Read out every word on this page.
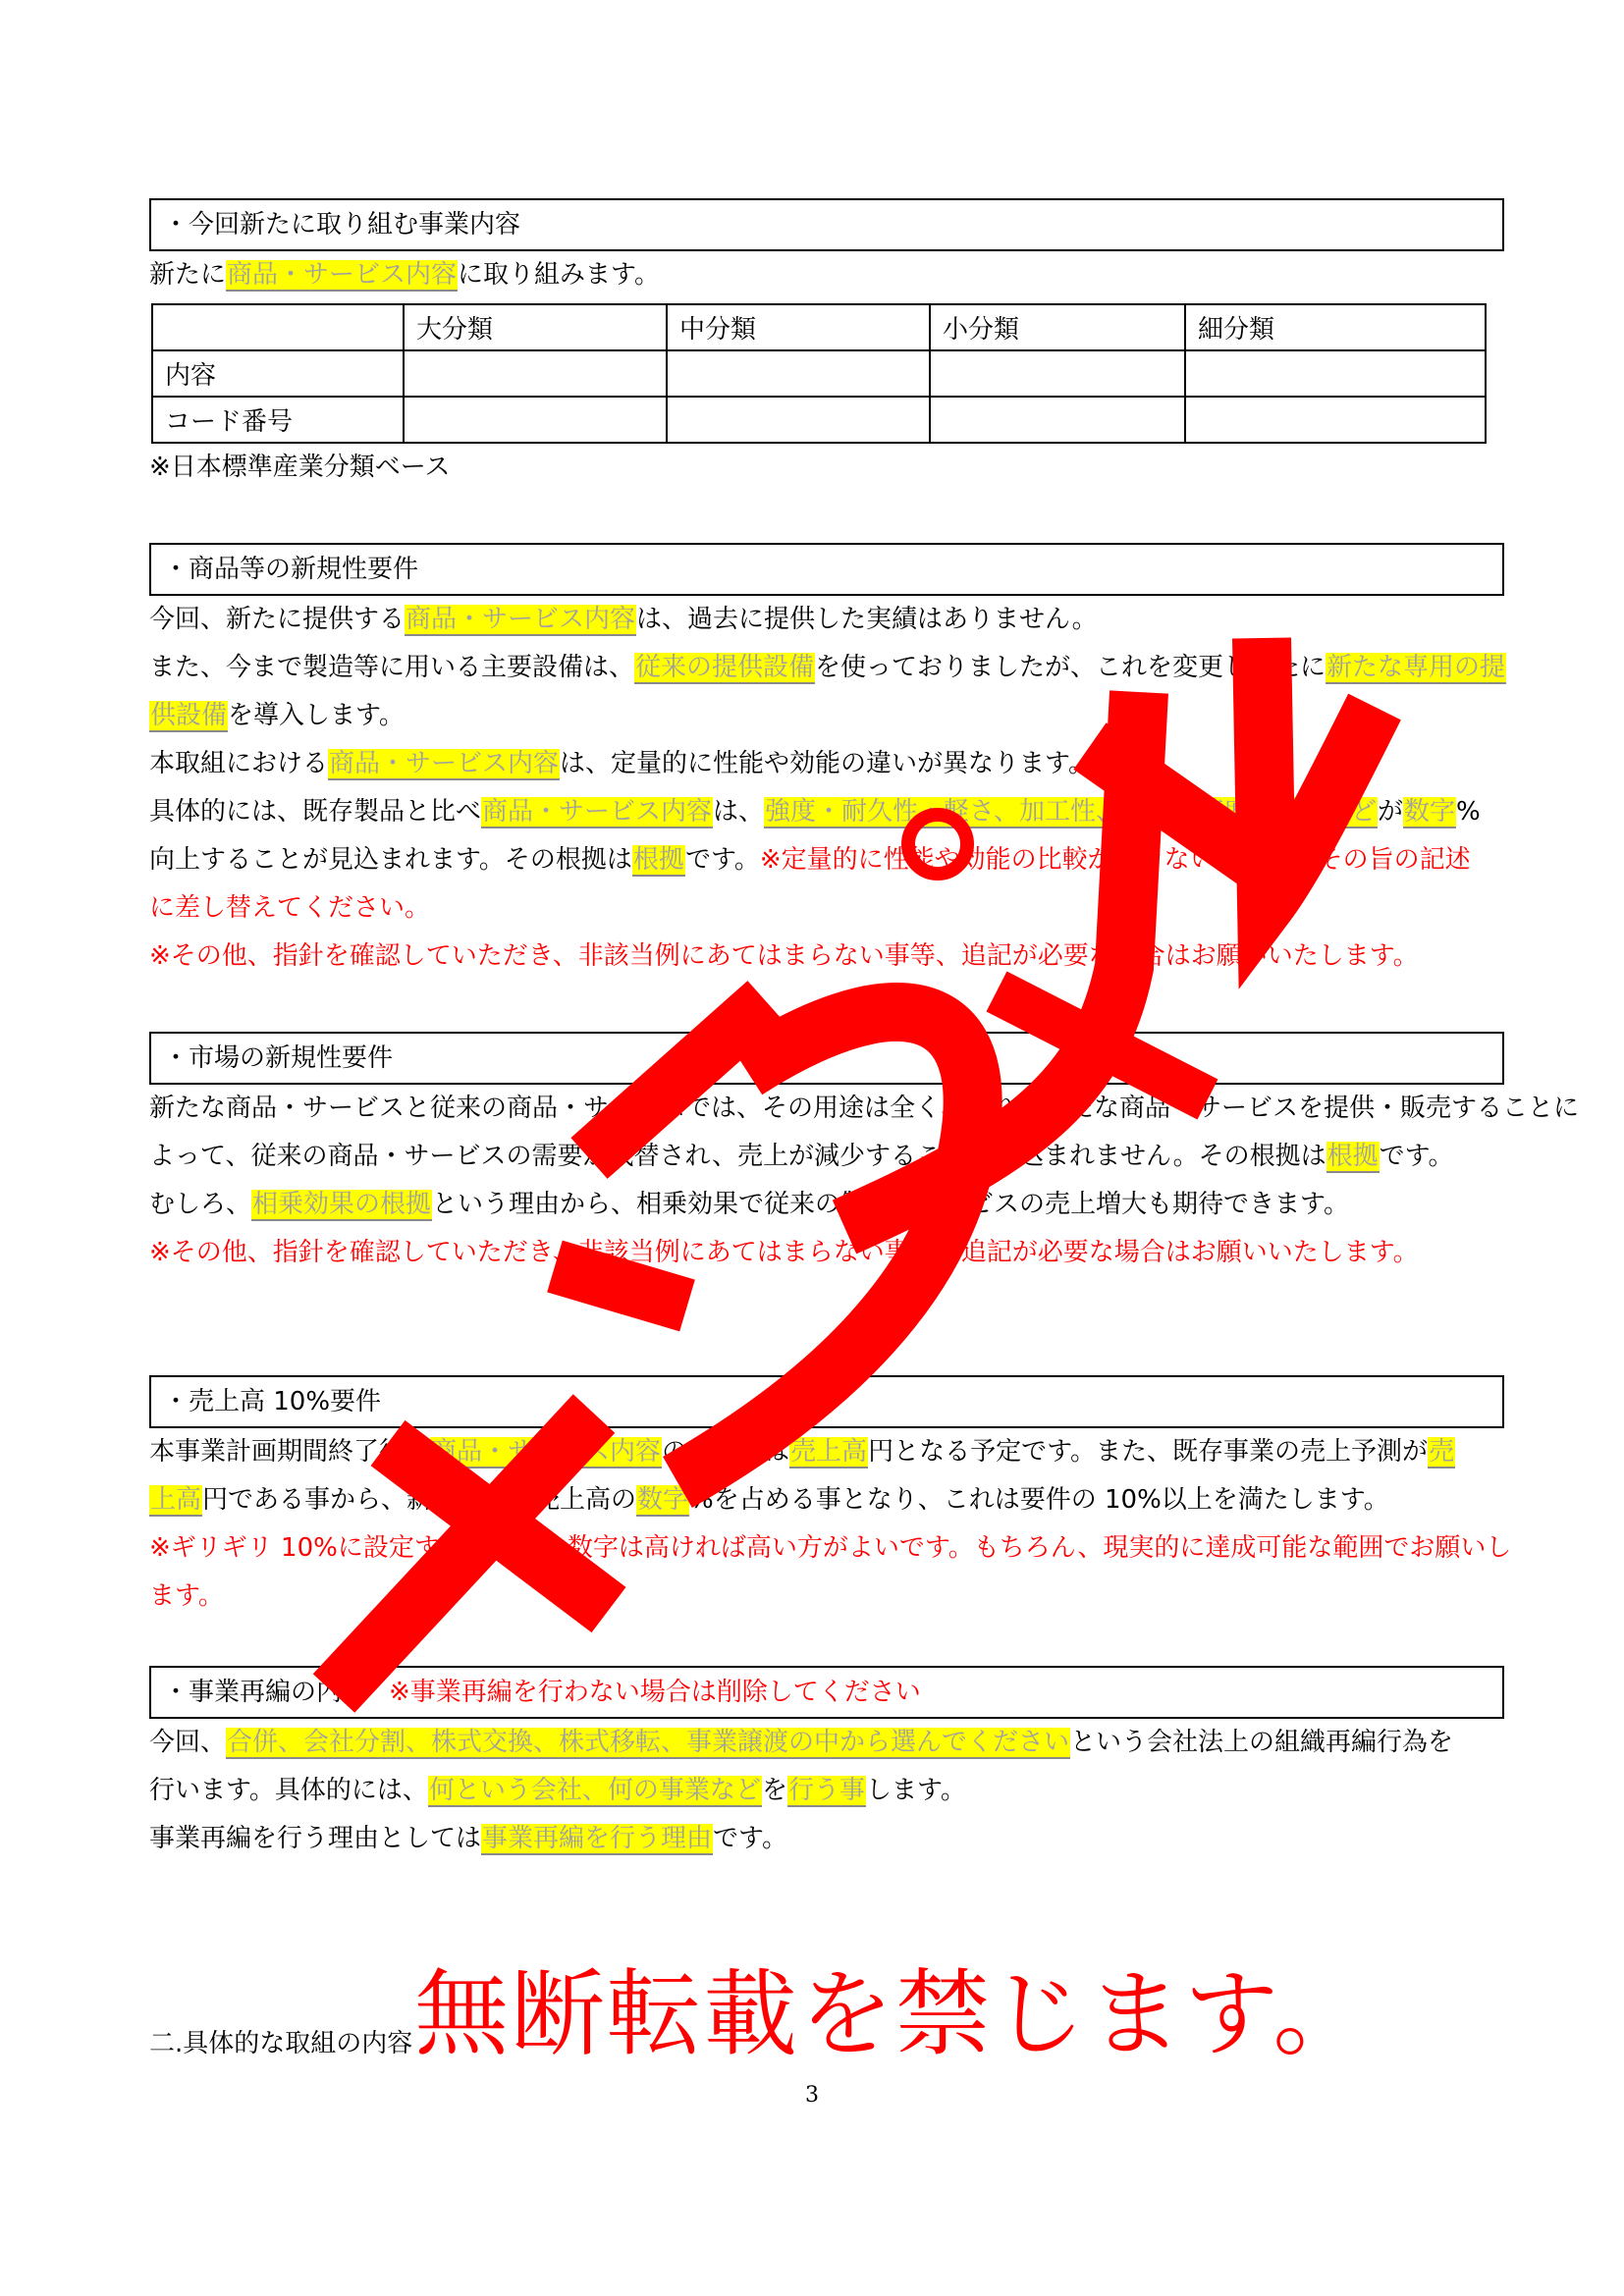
・今回新たに取り組む事業内容
新たに商品・サービス内容に取り組みます。
	大分類	中分類	小分類	細分類
内容				
コード番号				
※日本標準産業分類ベース
・商品等の新規性要件
今回、新たに提供する商品・サービス内容は、過去に提供した実績はありません。
また、今まで製造等に用いる主要設備は、従来の提供設備を使っておりましたが、これを変更し新たに新たな専用の提
供設備を導入します。
本取組における商品・サービス内容は、定量的に性能や効能の違いが異なります。
具体的には、既存製品と比べ商品・サービス内容は、強度・耐久性・軽さ、加工性、制度・速度、容量などが数字%
向上することが見込まれます。その根拠は根拠です。※定量的に性能や効能の比較ができない場合は、その旨の記述
に差し替えてください。
※その他、指針を確認していただき、非該当例にあてはまらない事等、追記が必要な場合はお願いいたします。
・市場の新規性要件
新たな商品・サービスと従来の商品・サービスでは、その用途は全く異なり、新たな商品・サービスを提供・販売することに
よって、従来の商品・サービスの需要が代替され、売上が減少することは見込まれません。その根拠は根拠です。
むしろ、相乗効果の根拠という理由から、相乗効果で従来の製品・サービスの売上増大も期待できます。
※その他、指針を確認していただき、非該当例にあてはまらない事等、追記が必要な場合はお願いいたします。
・売上高 10%要件
本事業計画期間終了後、商品・サービス内容の売上高は売上高円となる予定です。また、既存事業の売上予測が売
上高円である事から、新事業は総売上高の数字%を占める事となり、これは要件の 10%以上を満たします。
※ギリギリ 10%に設定するよりも、数字は高ければ高い方がよいです。もちろん、現実的に達成可能な範囲でお願いし
ます。
・事業再編の内容 ※事業再編を行わない場合は削除してください
今回、合併、会社分割、株式交換、株式移転、事業譲渡の中から選んでくださいという会社法上の組織再編行為を
行います。具体的には、何という会社、何の事業などを行う事します。
事業再編を行う理由としては事業再編を行う理由です。
二.具体的な取組の内容 無断転載を禁じます。
3
